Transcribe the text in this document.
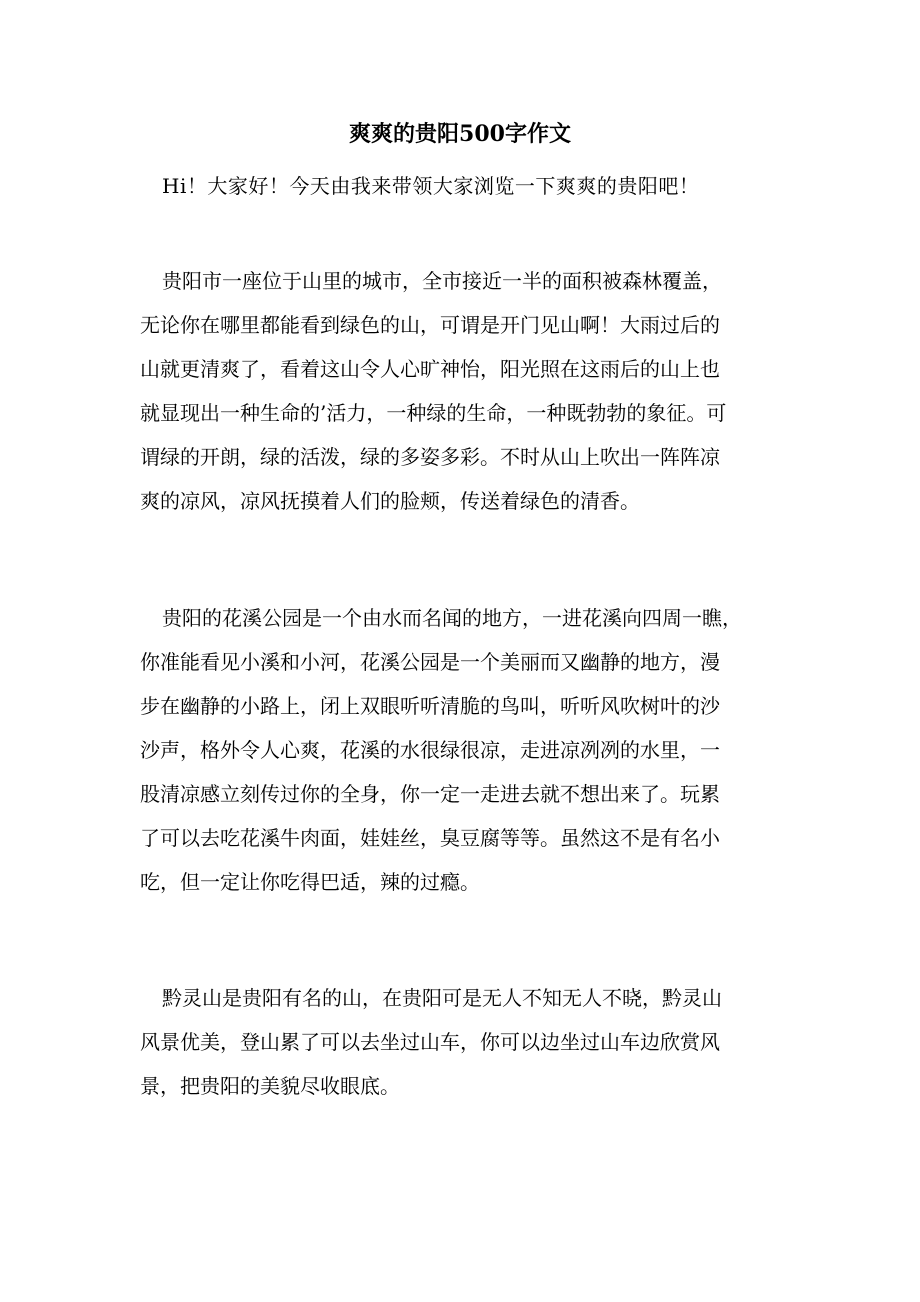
爽爽的贵阳500字作文
Hi！大家好！今天由我来带领大家浏览一下爽爽的贵阳吧！
贵阳市一座位于山里的城市，全市接近一半的面积被森林覆盖，
无论你在哪里都能看到绿色的山，可谓是开门见山啊！大雨过后的
山就更清爽了，看着这山令人心旷神怡，阳光照在这雨后的山上也
就显现出一种生命的’活力，一种绿的生命，一种既勃勃的象征。可
谓绿的开朗，绿的活泼，绿的多姿多彩。不时从山上吹出一阵阵凉
爽的凉风，凉风抚摸着人们的脸颊，传送着绿色的清香。
贵阳的花溪公园是一个由水而名闻的地方，一进花溪向四周一瞧，
你准能看见小溪和小河，花溪公园是一个美丽而又幽静的地方，漫
步在幽静的小路上，闭上双眼听听清脆的鸟叫，听听风吹树叶的沙
沙声，格外令人心爽，花溪的水很绿很凉，走进凉冽冽的水里，一
股清凉感立刻传过你的全身，你一定一走进去就不想出来了。玩累
了可以去吃花溪牛肉面，娃娃丝，臭豆腐等等。虽然这不是有名小
吃，但一定让你吃得巴适，辣的过瘾。
黔灵山是贵阳有名的山，在贵阳可是无人不知无人不晓，黔灵山
风景优美，登山累了可以去坐过山车，你可以边坐过山车边欣赏风
景，把贵阳的美貌尽收眼底。
